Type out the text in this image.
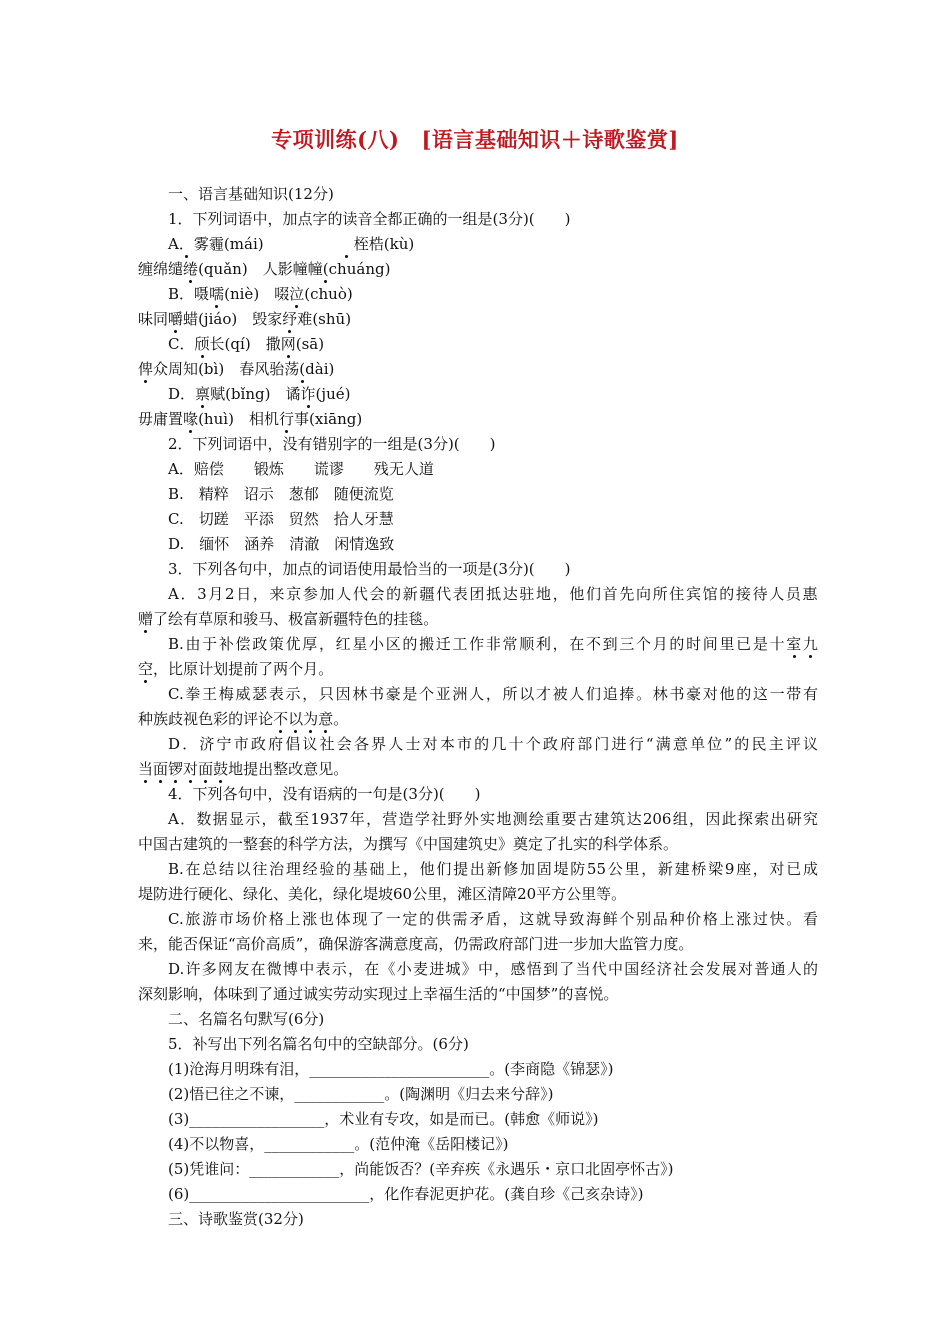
专项训练(八) [语言基础知识＋诗歌鉴赏]
一、语言基础知识(12分)
1．下列词语中，加点字的读音全都正确的一组是(3分)(　　)
A．雾霾(mái)　　　　　　	桎梏(kù)
缠绵缱绻(quǎn)　 人影幢幢(chuáng)
B．嗫嚅(niè)　 啜泣(chuò)
味同嚼蜡(jiáo)　 毁家纾难(shū)
C．颀长(qí)　 撒网(sā)
俾众周知(bì)　 春风骀荡(dài)
D．禀赋(bǐng)　 谲诈(jué)
毋庸置喙(huì)　 相机行事(xiāng)
2．下列词语中，没有错别字的一组是(3分)(　　)
A．赔偿　　锻炼　　谎谬　　残无人道
B.　精粹　诏示　葱郁　随便流览
C.　切蹉　平添　贸然　拾人牙慧
D.　缅怀　涵养　清澈　闲情逸致
3．下列各句中，加点的词语使用最恰当的一项是(3分)(　　)
A．3月2日，来京参加人代会的新疆代表团抵达驻地，他们首先向所住宾馆的接待人员惠
赠了绘有草原和骏马、极富新疆特色的挂毯。
B.由于补偿政策优厚，红星小区的搬迁工作非常顺利，在不到三个月的时间里已是十室九
空，比原计划提前了两个月。
C.拳王梅威瑟表示，只因林书豪是个亚洲人，所以才被人们追捧。林书豪对他的这一带有
种族歧视色彩的评论不以为意。
D．济宁市政府倡议社会各界人士对本市的几十个政府部门进行“满意单位”的民主评议
当面锣对面鼓地提出整改意见。
4．下列各句中，没有语病的一句是(3分)(　　)
A．数据显示，截至1937年，营造学社野外实地测绘重要古建筑达206组，因此探索出研究
中国古建筑的一整套的科学方法，为撰写《中国建筑史》奠定了扎实的科学体系。
B.在总结以往治理经验的基础上，他们提出新修加固堤防55公里，新建桥梁9座，对已成
堤防进行硬化、绿化、美化，绿化堤坡60公里，滩区清障20平方公里等。
C.旅游市场价格上涨也体现了一定的供需矛盾，这就导致海鲜个别品种价格上涨过快。看
来，能否保证“高价高质”，确保游客满意度高，仍需政府部门进一步加大监管力度。
D.许多网友在微博中表示，在《小麦进城》中，感悟到了当代中国经济社会发展对普通人的
深刻影响，体味到了通过诚实劳动实现过上幸福生活的“中国梦”的喜悦。
二、名篇名句默写(6分)
5．补写出下列名篇名句中的空缺部分。(6分)
(1)沧海月明珠有泪，________________________。(李商隐《锦瑟》)
(2)悟已往之不谏，____________。(陶渊明《归去来兮辞》)
(3)__________________，术业有专攻，如是而已。(韩愈《师说》)
(4)不以物喜，____________。(范仲淹《岳阳楼记》)
(5)凭谁问：____________，尚能饭否？(辛弃疾《永遇乐・京口北固亭怀古》)
(6)________________________，化作春泥更护花。(龚自珍《己亥杂诗》)
三、诗歌鉴赏(32分)
